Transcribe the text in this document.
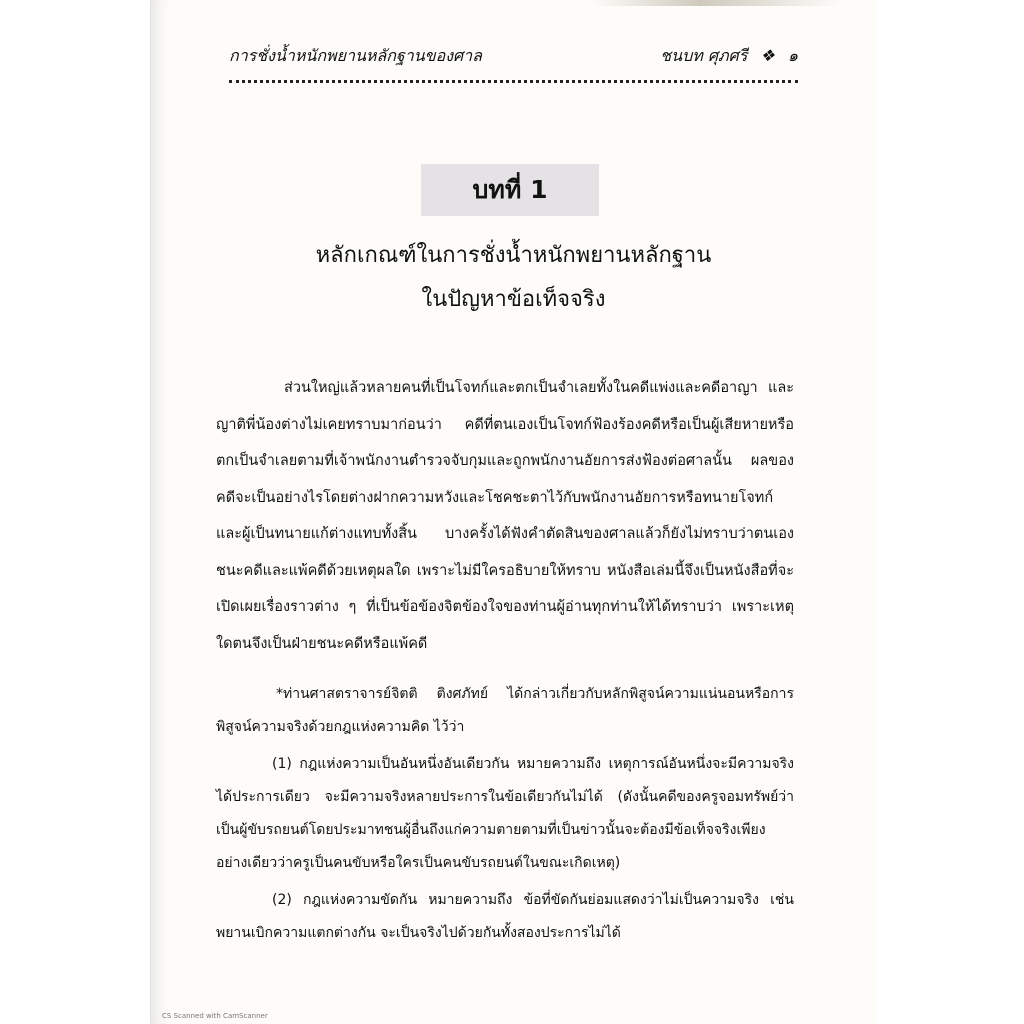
การชั่งน้ำหนักพยานหลักฐานของศาล	ชนบท ศุภศรี ❖ ๑
บทที่ 1
หลักเกณฑ์ในการชั่งน้ำหนักพยานหลักฐาน
ในปัญหาข้อเท็จจริง

ส่วนใหญ่แล้วหลายคนที่เป็นโจทก์และตกเป็นจำเลยทั้งในคดีแพ่งและคดีอาญา และญาติพี่น้องต่างไม่เคยทราบมาก่อนว่า คดีที่ตนเองเป็นโจทก์ฟ้องร้องคดีหรือเป็นผู้เสียหายหรือตกเป็นจำเลยตามที่เจ้าพนักงานตำรวจจับกุมและถูกพนักงานอัยการส่งฟ้องต่อศาลนั้น ผลของคดีจะเป็นอย่างไรโดยต่างฝากความหวังและโชคชะตาไว้กับพนักงานอัยการหรือทนายโจทก์และผู้เป็นทนายแก้ต่างแทบทั้งสิ้น บางครั้งได้ฟังคำตัดสินของศาลแล้วก็ยังไม่ทราบว่าตนเองชนะคดีและแพ้คดีด้วยเหตุผลใด เพราะไม่มีใครอธิบายให้ทราบ หนังสือเล่มนี้จึงเป็นหนังสือที่จะเปิดเผยเรื่องราวต่าง ๆ ที่เป็นข้อข้องจิตข้องใจของท่านผู้อ่านทุกท่านให้ได้ทราบว่า เพราะเหตุใดตนจึงเป็นฝ่ายชนะคดีหรือแพ้คดี

*ท่านศาสตราจารย์จิตติ ติงศภัทย์ ได้กล่าวเกี่ยวกับหลักพิสูจน์ความแน่นอนหรือการพิสูจน์ความจริงด้วยกฎแห่งความคิด ไว้ว่า

(1) กฎแห่งความเป็นอันหนึ่งอันเดียวกัน หมายความถึง เหตุการณ์อันหนึ่งจะมีความจริงได้ประการเดียว จะมีความจริงหลายประการในข้อเดียวกันไม่ได้ (ดังนั้นคดีของครูจอมทรัพย์ว่าเป็นผู้ขับรถยนต์โดยประมาทชนผู้อื่นถึงแก่ความตายตามที่เป็นข่าวนั้นจะต้องมีข้อเท็จจริงเพียงอย่างเดียวว่าครูเป็นคนขับหรือใครเป็นคนขับรถยนต์ในขณะเกิดเหตุ)

(2) กฎแห่งความขัดกัน หมายความถึง ข้อที่ขัดกันย่อมแสดงว่าไม่เป็นความจริง เช่น พยานเบิกความแตกต่างกัน จะเป็นจริงไปด้วยกันทั้งสองประการไม่ได้

CS Scanned with CamScanner
